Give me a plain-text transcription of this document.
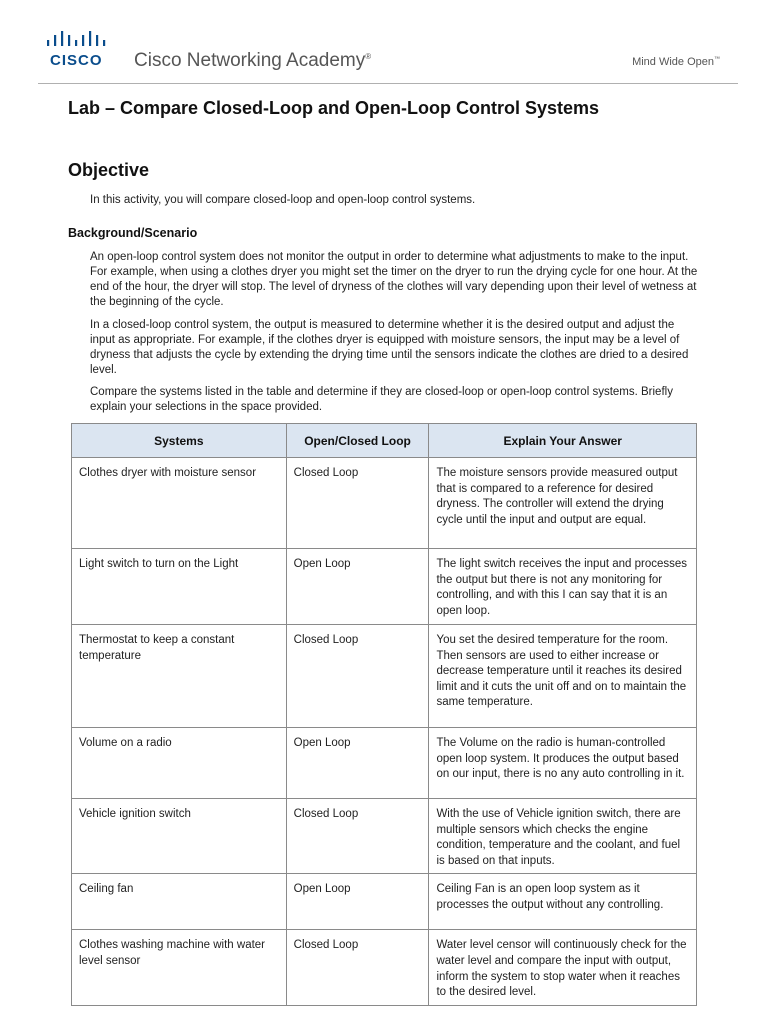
CISCO Cisco Networking Academy®	Mind Wide Open™
Lab – Compare Closed-Loop and Open-Loop Control Systems
Objective

In this activity, you will compare closed-loop and open-loop control systems.

Background/Scenario

An open-loop control system does not monitor the output in order to determine what adjustments to make to the input. For example, when using a clothes dryer you might set the timer on the dryer to run the drying cycle for one hour. At the end of the hour, the dryer will stop. The level of dryness of the clothes will vary depending upon their level of wetness at the beginning of the cycle.

In a closed-loop control system, the output is measured to determine whether it is the desired output and adjust the input as appropriate. For example, if the clothes dryer is equipped with moisture sensors, the input may be a level of dryness that adjusts the cycle by extending the drying time until the sensors indicate the clothes are dried to a desired level.

Compare the systems listed in the table and determine if they are closed-loop or open-loop control systems. Briefly explain your selections in the space provided.

Systems	Open/Closed Loop	Explain Your Answer
Clothes dryer with moisture sensor	Closed Loop	The moisture sensors provide measured output that is compared to a reference for desired dryness. The controller will extend the drying cycle until the input and output are equal.
Light switch to turn on the Light	Open Loop	The light switch receives the input and processes the output but there is not any monitoring for controlling, and with this I can say that it is an open loop.
Thermostat to keep a constant temperature	Closed Loop	You set the desired temperature for the room. Then sensors are used to either increase or decrease temperature until it reaches its desired limit and it cuts the unit off and on to maintain the same temperature.
Volume on a radio	Open Loop	The Volume on the radio is human-controlled open loop system. It produces the output based on our input, there is no any auto controlling in it.
Vehicle ignition switch	Closed Loop	With the use of Vehicle ignition switch, there are multiple sensors which checks the engine condition, temperature and the coolant, and fuel is based on that inputs.
Ceiling fan	Open Loop	Ceiling Fan is an open loop system as it processes the output without any controlling.
Clothes washing machine with water level sensor	Closed Loop	Water level censor will continuously check for the water level and compare the input with output, inform the system to stop water when it reaches to the desired level.
